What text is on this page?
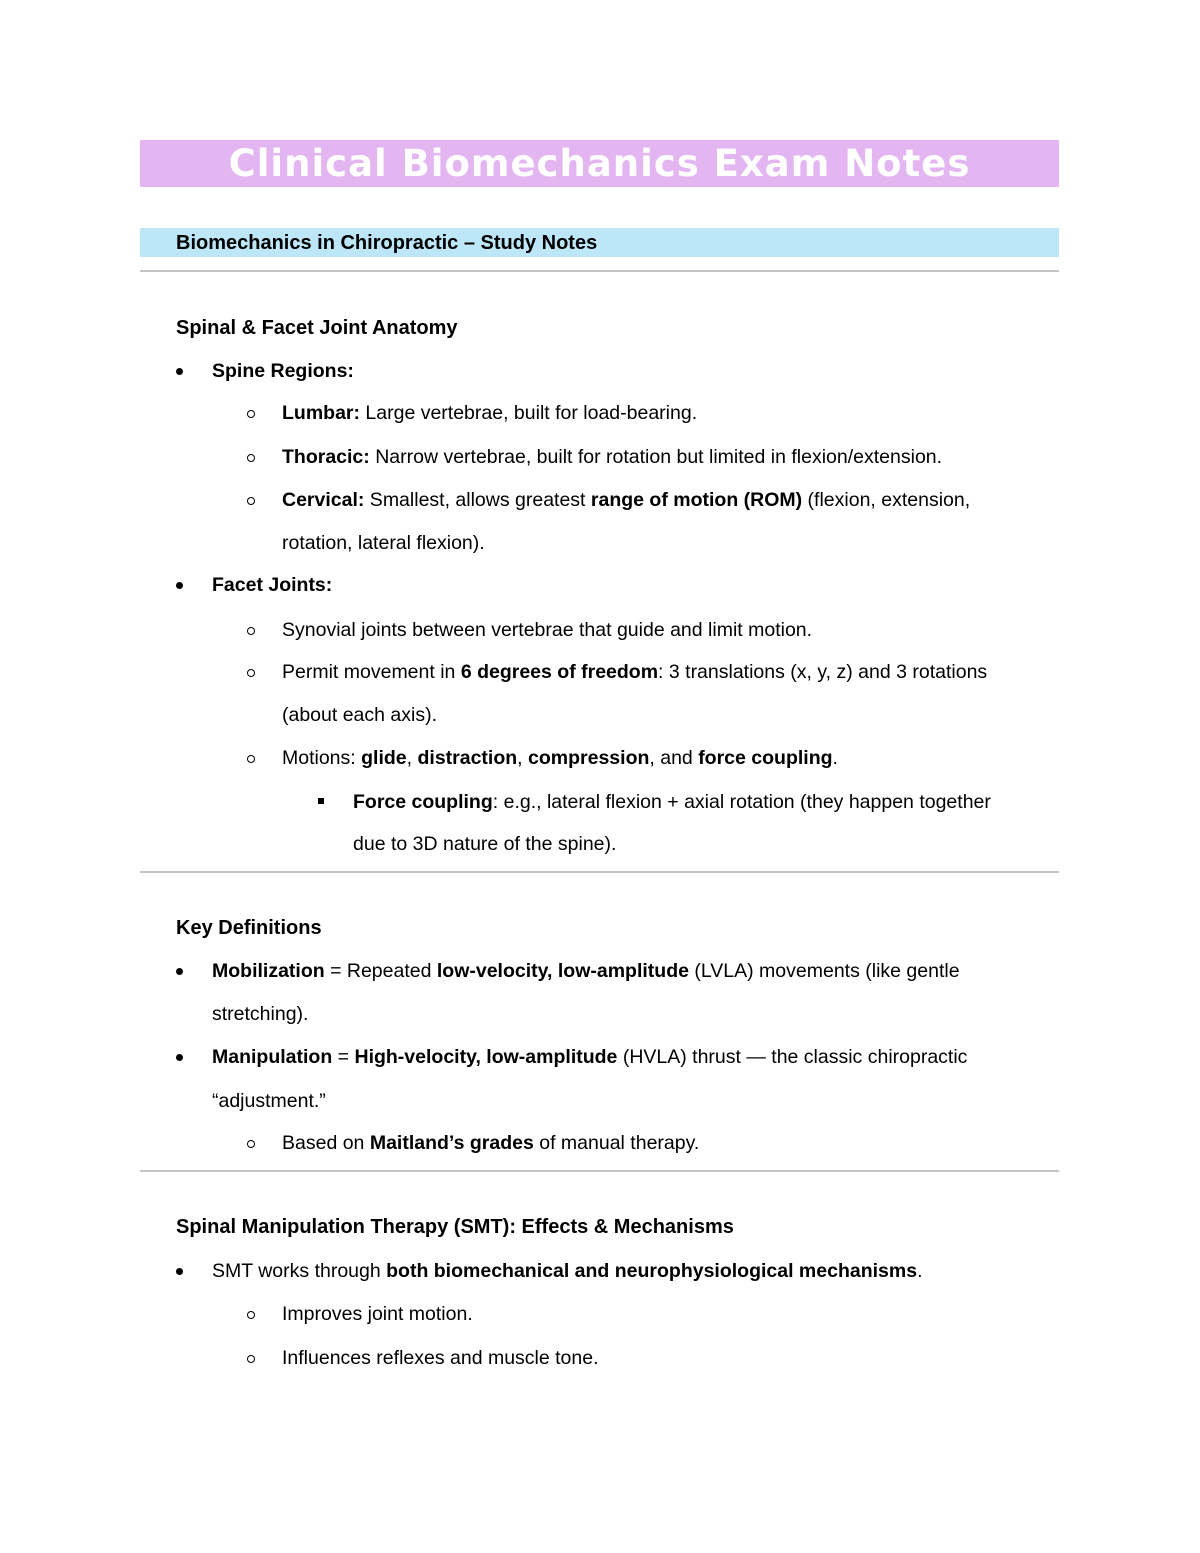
Clinical Biomechanics Exam Notes
Biomechanics in Chiropractic – Study Notes
Spinal & Facet Joint Anatomy
Spine Regions:
Lumbar: Large vertebrae, built for load-bearing.
Thoracic: Narrow vertebrae, built for rotation but limited in flexion/extension.
Cervical: Smallest, allows greatest range of motion (ROM) (flexion, extension,
rotation, lateral flexion).
Facet Joints:
Synovial joints between vertebrae that guide and limit motion.
Permit movement in 6 degrees of freedom: 3 translations (x, y, z) and 3 rotations
(about each axis).
Motions: glide, distraction, compression, and force coupling.
Force coupling: e.g., lateral flexion + axial rotation (they happen together
due to 3D nature of the spine).
Key Definitions
Mobilization = Repeated low-velocity, low-amplitude (LVLA) movements (like gentle
stretching).
Manipulation = High-velocity, low-amplitude (HVLA) thrust — the classic chiropractic
“adjustment.”
Based on Maitland’s grades of manual therapy.
Spinal Manipulation Therapy (SMT): Effects & Mechanisms
SMT works through both biomechanical and neurophysiological mechanisms.
Improves joint motion.
Influences reflexes and muscle tone.
